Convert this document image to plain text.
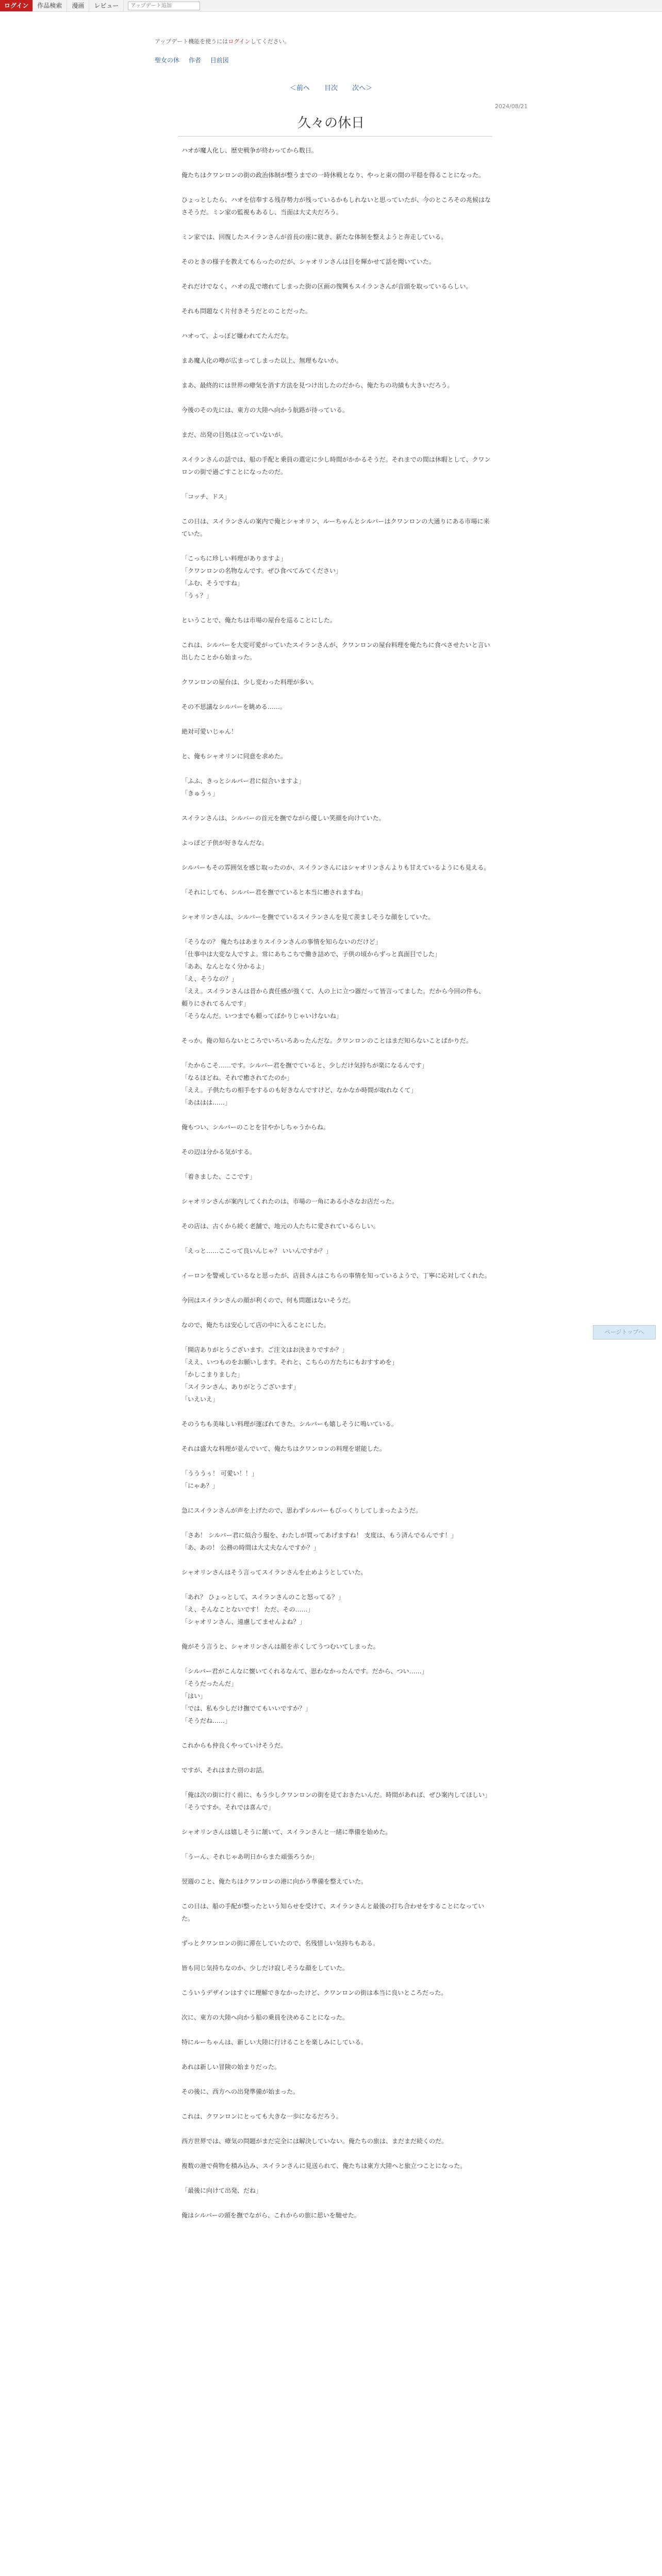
ログイン	作品検索	漫画	レビュー
アップデート追加
アップデート機能を使うにはログインしてください。
聖女の休 作者 目前図
＜前へ 目次 次へ＞
2024/08/21
久々の休日

ハオが魔人化し、歴史戦争が終わってから数日。

俺たちはクワンロンの街の政治体制が整うまでの一時休戦となり、やっと束の間の平穏を得ることになった。

ひょっとしたら、ハオを信奉する残存勢力が残っているかもしれないと思っていたが、今のところその兆候はなさそうだ。ミン家の監視もあるし、当面は大丈夫だろう。

ミン家では、回復したスイランさんが首長の座に就き、新たな体制を整えようと奔走している。

そのときの様子を教えてもらったのだが、シャオリンさんは目を輝かせて話を聞いていた。

それだけでなく、ハオの乱で壊れてしまった街の区画の復興もスイランさんが音頭を取っているらしい。

それも問題なく片付きそうだとのことだった。

ハオって、よっぽど嫌われてたんだな。

まあ魔人化の噂が広まってしまった以上、無理もないか。

まあ、最終的には世界の瘴気を消す方法を見つけ出したのだから、俺たちの功績も大きいだろう。

今後のその先には、東方の大陸へ向かう航路が待っている。

まだ、出発の目処は立っていないが。

スイランさんの話では、船の手配と乗員の選定に少し時間がかかるそうだ。それまでの間は休暇として、クワンロンの街で過ごすことになったのだ。

「コッチ、ドス」

この日は、スイランさんの案内で俺とシャオリン、ルーちゃんとシルバーはクワンロンの大通りにある市場に来ていた。

「こっちに珍しい料理がありますよ」
「クワンロンの名物なんです。ぜひ食べてみてください」
「ふむ、そうですね」
「うぅ？」

ということで、俺たちは市場の屋台を巡ることにした。

これは、シルバーを大変可愛がっていたスイランさんが、クワンロンの屋台料理を俺たちに食べさせたいと言い出したことから始まった。

クワンロンの屋台は、少し変わった料理が多い。

その不思議なシルバーを眺める……。

絶対可愛いじゃん！

と、俺もシャオリンに同意を求めた。

「ふふ、きっとシルバー君に似合いますよ」
「きゅうぅ」

スイランさんは、シルバーの首元を撫でながら優しい笑顔を向けていた。

よっぽど子供が好きなんだな。

シルバーもその雰囲気を感じ取ったのか、スイランさんにはシャオリンさんよりも甘えているようにも見える。

「それにしても、シルバー君を撫でていると本当に癒されますね」

シャオリンさんは、シルバーを撫でているスイランさんを見て羨ましそうな顔をしていた。

「そうなの？ 俺たちはあまりスイランさんの事情を知らないのだけど」
「仕事中は大変な人ですよ。常にあちこちで働き詰めで、子供の頃からずっと真面目でした」
「ああ、なんとなく分かるよ」
「え、そうなの？」
「ええ。スイランさんは昔から責任感が強くて、人の上に立つ器だって皆言ってました。だから今回の件も、頼りにされてるんです」
「そうなんだ。いつまでも頼ってばかりじゃいけないね」

そっか。俺の知らないところでいろいろあったんだな。クワンロンのことはまだ知らないことばかりだ。

「たからこそ……です。シルバー君を撫でていると、少しだけ気持ちが楽になるんです」
「なるほどね。それで癒されてたのか」
「ええ。子供たちの相手をするのも好きなんですけど、なかなか時間が取れなくて」
「あははは……」

俺もつい、シルバーのことを甘やかしちゃうからね。

その辺は分かる気がする。

「着きました、ここです」

シャオリンさんが案内してくれたのは、市場の一角にある小さなお店だった。

その店は、古くから続く老舗で、地元の人たちに愛されているらしい。

「えっと……ここって良いんじゃ？ いいんですか？」

イーロンを警戒しているなと思ったが、店員さんはこちらの事情を知っているようで、丁寧に応対してくれた。

今回はスイランさんの顔が利くので、何も問題はないそうだ。

なので、俺たちは安心して店の中に入ることにした。

「開店ありがとうございます。ご注文はお決まりですか？」
「ええ、いつものをお願いします。それと、こちらの方たちにもおすすめを」
「かしこまりました」
「スイランさん、ありがとうございます」
「いえいえ」

そのうちも美味しい料理が運ばれてきた。シルバーも嬉しそうに鳴いている。

それは盛大な料理が並んでいて、俺たちはクワンロンの料理を堪能した。

「うううぅ！ 可愛い！！」
「にゃあ？」

急にスイランさんが声を上げたので、思わずシルバーもびっくりしてしまったようだ。

「さあ！ シルバー君に似合う服を、わたしが買ってあげますね！ 支度は、もう済んでるんです！」
「あ、あの！ 公務の時間は大丈夫なんですか？」

シャオリンさんはそう言ってスイランさんを止めようとしていた。

「あれ？ ひょっとして、スイランさんのこと怒ってる？」
「え、そんなことないです！ ただ、その……」
「シャオリンさん、遠慮してませんよね？」

俺がそう言うと、シャオリンさんは顔を赤くしてうつむいてしまった。

「シルバー君がこんなに懐いてくれるなんて、思わなかったんです。だから、つい……」
「そうだったんだ」
「はい」
「では、私も少しだけ撫でてもいいですか？」
「そうだね……」

これからも仲良くやっていけそうだ。

ですが、それはまた別のお話。

「俺は次の街に行く前に、もう少しクワンロンの街を見ておきたいんだ。時間があれば、ぜひ案内してほしい」
「そうですか。それでは喜んで」

シャオリンさんは嬉しそうに頷いて、スイランさんと一緒に準備を始めた。

「うーん、それじゃあ明日からまた頑張ろうか」

翌週のこと、俺たちはクワンロンの港に向かう準備を整えていた。

この日は、船の手配が整ったという知らせを受けて、スイランさんと最後の打ち合わせをすることになっていた。

ずっとクワンロンの街に滞在していたので、名残惜しい気持ちもある。

皆も同じ気持ちなのか、少しだけ寂しそうな顔をしていた。

こういうデザインはすぐに理解できなかったけど、クワンロンの街は本当に良いところだった。

次に、東方の大陸へ向かう船の乗員を決めることになった。

特にルーちゃんは、新しい大陸に行けることを楽しみにしている。

あれは新しい冒険の始まりだった。

その後に、西方への出発準備が始まった。

これは、クワンロンにとっても大きな一歩になるだろう。

西方世界では、瘴気の問題がまだ完全には解決していない。俺たちの旅は、まだまだ続くのだ。

複数の港で荷物を積み込み、スイランさんに見送られて、俺たちは東方大陸へと旅立つことになった。

「最後に向けて出発、だね」

俺はシルバーの頭を撫でながら、これからの旅に思いを馳せた。

ページトップへ
